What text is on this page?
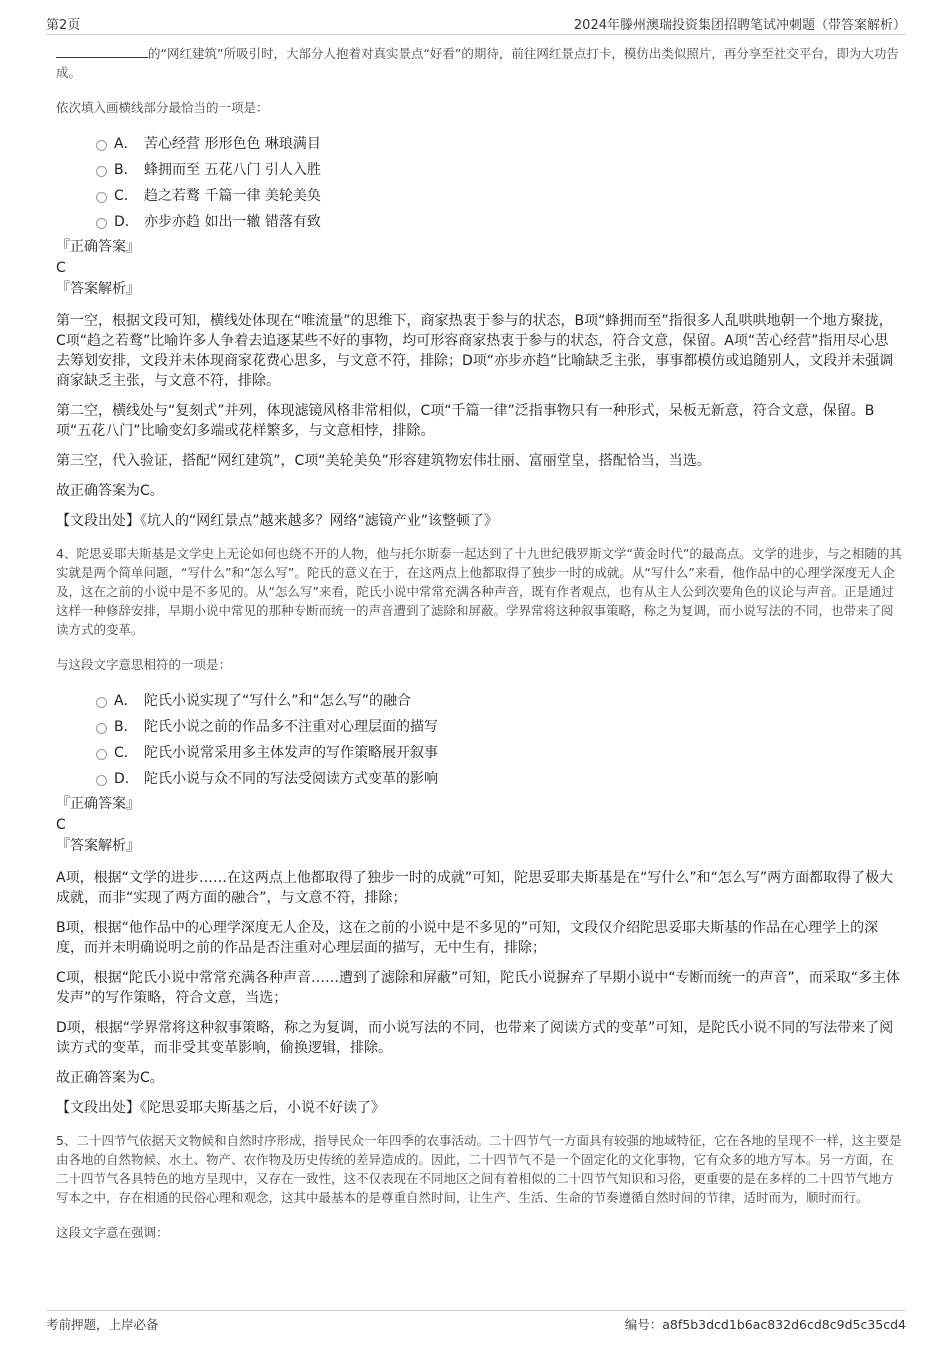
第2页	2024年滕州澳瑞投资集团招聘笔试冲刺题（带答案解析）

的“网红建筑”所吸引时，大部分人抱着对真实景点“好看”的期待，前往网红景点打卡，模仿出类似照片，再分享至社交平台，即为大功告成。

依次填入画横线部分最恰当的一项是：

A． 苦心经营 形形色色 琳琅满目
B． 蜂拥而至 五花八门 引人入胜
C． 趋之若鹜 千篇一律 美轮美奂
D． 亦步亦趋 如出一辙 错落有致

『正确答案』

C

『答案解析』

第一空，根据文段可知，横线处体现在“唯流量”的思维下，商家热衷于参与的状态，B项“蜂拥而至”指很多人乱哄哄地朝一个地方聚拢，C项“趋之若鹜”比喻许多人争着去追逐某些不好的事物，均可形容商家热衷于参与的状态，符合文意，保留。A项“苦心经营”指用尽心思去筹划安排，文段并未体现商家花费心思多，与文意不符，排除；D项“亦步亦趋”比喻缺乏主张，事事都模仿或追随别人，文段并未强调商家缺乏主张，与文意不符，排除。

第二空，横线处与“复刻式”并列，体现滤镜风格非常相似，C项“千篇一律”泛指事物只有一种形式，呆板无新意，符合文意，保留。B项“五花八门”比喻变幻多端或花样繁多，与文意相悖，排除。

第三空，代入验证，搭配“网红建筑”，C项“美轮美奂”形容建筑物宏伟壮丽、富丽堂皇，搭配恰当，当选。

故正确答案为C。

【文段出处】《坑人的“网红景点”越来越多？网络“滤镜产业”该整顿了》

4、陀思妥耶夫斯基是文学史上无论如何也绕不开的人物，他与托尔斯泰一起达到了十九世纪俄罗斯文学“黄金时代”的最高点。文学的进步，与之相随的其实就是两个简单问题，“写什么”和“怎么写”。陀氏的意义在于，在这两点上他都取得了独步一时的成就。从“写什么”来看，他作品中的心理学深度无人企及，这在之前的小说中是不多见的。从“怎么写”来看，陀氏小说中常常充满各种声音，既有作者观点，也有从主人公到次要角色的议论与声音。正是通过这样一种修辞安排，早期小说中常见的那种专断而统一的声音遭到了滤除和屏蔽。学界常将这种叙事策略，称之为复调，而小说写法的不同，也带来了阅读方式的变革。

与这段文字意思相符的一项是：

A． 陀氏小说实现了“写什么”和“怎么写”的融合
B． 陀氏小说之前的作品多不注重对心理层面的描写
C． 陀氏小说常采用多主体发声的写作策略展开叙事
D． 陀氏小说与众不同的写法受阅读方式变革的影响

『正确答案』

C

『答案解析』

A项，根据“文学的进步……在这两点上他都取得了独步一时的成就”可知，陀思妥耶夫斯基是在“写什么”和“怎么写”两方面都取得了极大成就，而非“实现了两方面的融合”，与文意不符，排除；

B项，根据“他作品中的心理学深度无人企及，这在之前的小说中是不多见的”可知，文段仅介绍陀思妥耶夫斯基的作品在心理学上的深度，而并未明确说明之前的作品是否注重对心理层面的描写，无中生有，排除；

C项，根据“陀氏小说中常常充满各种声音……遭到了滤除和屏蔽”可知，陀氏小说摒弃了早期小说中“专断而统一的声音”，而采取“多主体发声”的写作策略，符合文意，当选；

D项，根据“学界常将这种叙事策略，称之为复调，而小说写法的不同，也带来了阅读方式的变革”可知，是陀氏小说不同的写法带来了阅读方式的变革，而非受其变革影响，偷换逻辑，排除。

故正确答案为C。

【文段出处】《陀思妥耶夫斯基之后，小说不好读了》

5、二十四节气依据天文物候和自然时序形成，指导民众一年四季的农事活动。二十四节气一方面具有较强的地域特征，它在各地的呈现不一样，这主要是由各地的自然物候、水土、物产、农作物及历史传统的差异造成的。因此，二十四节气不是一个固定化的文化事物，它有众多的地方写本。另一方面，在二十四节气各具特色的地方呈现中，又存在一致性，这不仅表现在不同地区之间有着相似的二十四节气知识和习俗，更重要的是在多样的二十四节气地方写本之中，存在相通的民俗心理和观念，这其中最基本的是尊重自然时间，让生产、生活、生命的节奏遵循自然时间的节律，适时而为，顺时而行。

这段文字意在强调：

考前押题，上岸必备	编号：a8f5b3dcd1b6ac832d6cd8c9d5c35cd4
